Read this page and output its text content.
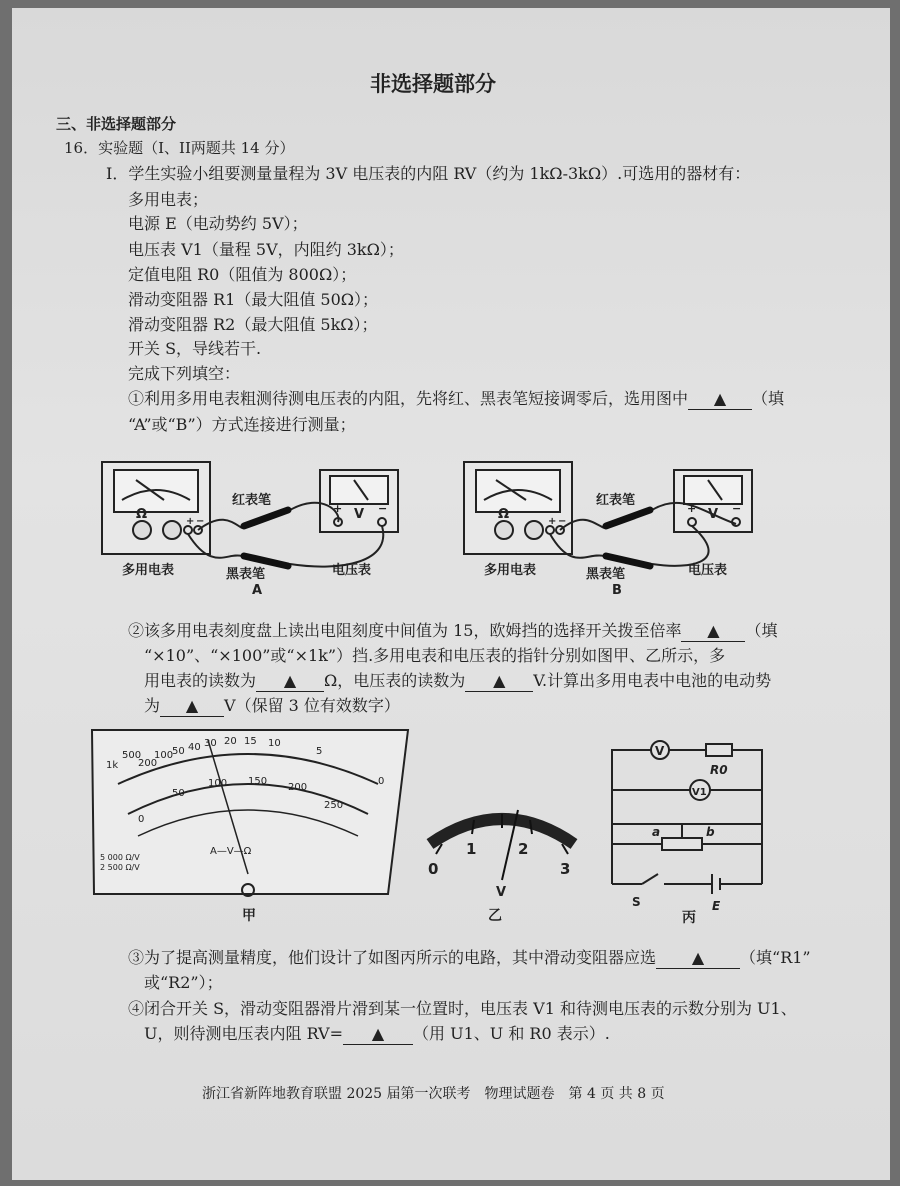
非选择题部分
三、非选择题部分
16．实验题（I、II两题共 14 分）
I．学生实验小组要测量量程为 3V 电压表的内阻 RV（约为 1kΩ-3kΩ）.可选用的器材有：
多用电表；
电源 E（电动势约 5V）；
电压表 V1（量程 5V，内阻约 3kΩ）；
定值电阻 R0（阻值为 800Ω）；
滑动变阻器 R1（最大阻值 50Ω）；
滑动变阻器 R2（最大阻值 5kΩ）；
开关 S，导线若干.
完成下列填空：
①利用多用电表粗测待测电压表的内阻，先将红、黑表笔短接调零后，选用图中 ▲ （填
“A”或“B”）方式连接进行测量；
Ω	+ −	V
+	−
多用电表	电压表
红表笔
黑表笔
A
Ω	+ −	V
+	−
多用电表	电压表
红表笔
黑表笔
B
②该多用电表刻度盘上读出电阻刻度中间值为 15，欧姆挡的选择开关拨至倍率 ▲ （填
“×10”、“×100”或“×1k”）挡.多用电表和电压表的指针分别如图甲、乙所示，多
用电表的读数为 ▲ Ω，电压表的读数为 ▲ V.计算出多用电表中电池的电动势
为 ▲ V（保留 3 位有效数字）
1k
500
200
100
50 40 30 20 15 10
5
0
0
50
100 150
200
250
A—V—Ω
5 000 Ω/V
2 500 Ω/V
甲
0
1	2
3
V
乙
V
V1
R0
a	b
S	E
丙
③为了提高测量精度，他们设计了如图丙所示的电路，其中滑动变阻器应选 ▲ （填“R1”
或“R2”）；
④闭合开关 S，滑动变阻器滑片滑到某一位置时，电压表 V1 和待测电压表的示数分别为 U1、
U，则待测电压表内阻 RV= ▲ （用 U1、U 和 R0 表示）.
浙江省新阵地教育联盟 2025 届第一次联考　物理试题卷　第 4 页 共 8 页
